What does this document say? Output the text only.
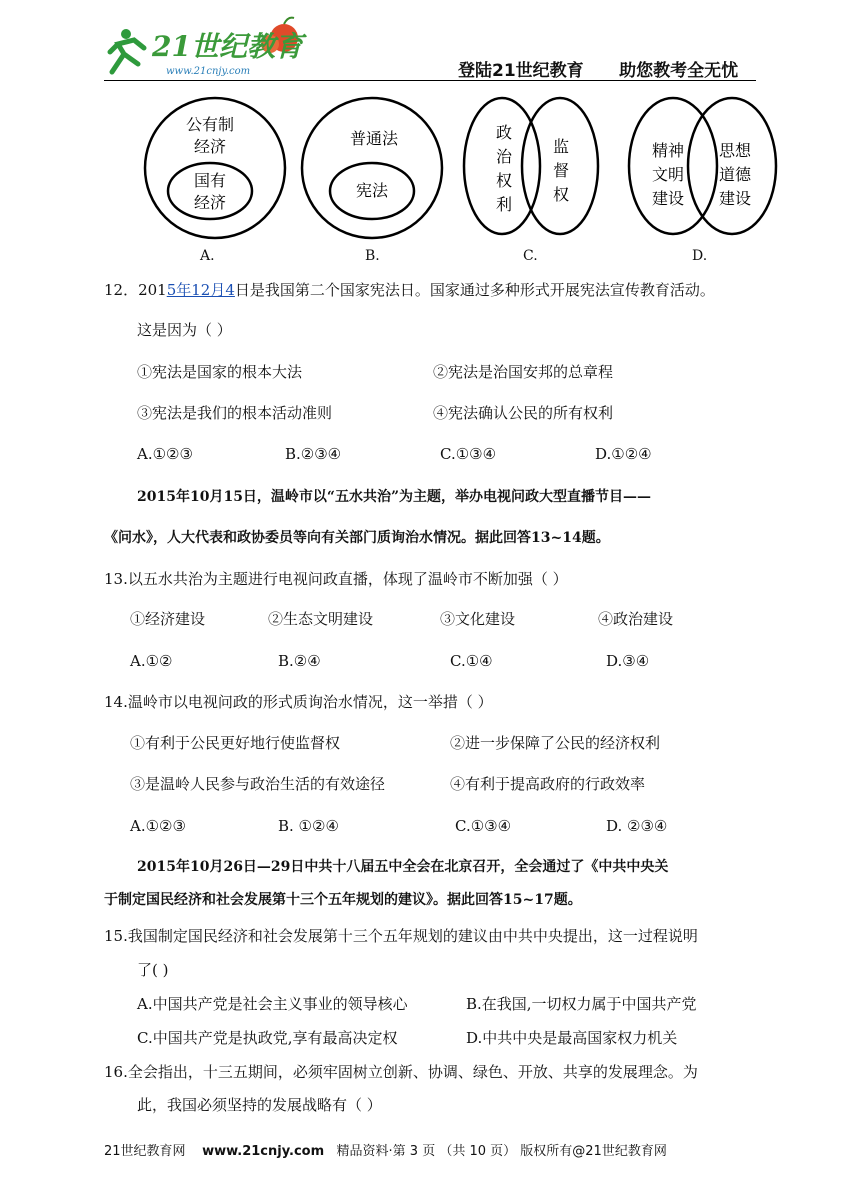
21世纪教育
www.21cnjy.com	登陆21世纪教育      助您教考全无忧
公有制
经济
国有
经济
普通法
宪法
政
治
权
利
监
督
权
精神
文明
建设
思想
道德
建设
A.	B.	C.	D.
12．2015年12月4日是我国第二个国家宪法日。国家通过多种形式开展宪法宣传教育活动。
这是因为（ ）
①宪法是国家的根本大法	②宪法是治国安邦的总章程
③宪法是我们的根本活动准则	④宪法确认公民的所有权利
A.①②③	B.②③④	C.①③④	D.①②④
2015年10月15日，温岭市以“五水共治”为主题，举办电视问政大型直播节目——
《问水》，人大代表和政协委员等向有关部门质询治水情况。据此回答13~14题。
13.以五水共治为主题进行电视问政直播，体现了温岭市不断加强（ ）
①经济建设	②生态文明建设	③文化建设	④政治建设
A.①②	B.②④	C.①④	D.③④
14.温岭市以电视问政的形式质询治水情况，这一举措（ ）
①有利于公民更好地行使监督权	②进一步保障了公民的经济权利
③是温岭人民参与政治生活的有效途径	④有利于提高政府的行政效率
A.①②③	B. ①②④	C.①③④	D. ②③④
2015年10月26日—29日中共十八届五中全会在北京召开，全会通过了《中共中央关
于制定国民经济和社会发展第十三个五年规划的建议》。据此回答15~17题。
15.我国制定国民经济和社会发展第十三个五年规划的建议由中共中央提出，这一过程说明
了( )
A.中国共产党是社会主义事业的领导核心	B.在我国,一切权力属于中国共产党
C.中国共产党是执政党,享有最高决定权	D.中共中央是最高国家权力机关
16.全会指出，十三五期间，必须牢固树立创新、协调、绿色、开放、共享的发展理念。为
此，我国必须坚持的发展战略有（ ）
21世纪教育网 www.21cnjy.com 精品资料·第 3 页 （共 10 页） 版权所有@21世纪教育网
